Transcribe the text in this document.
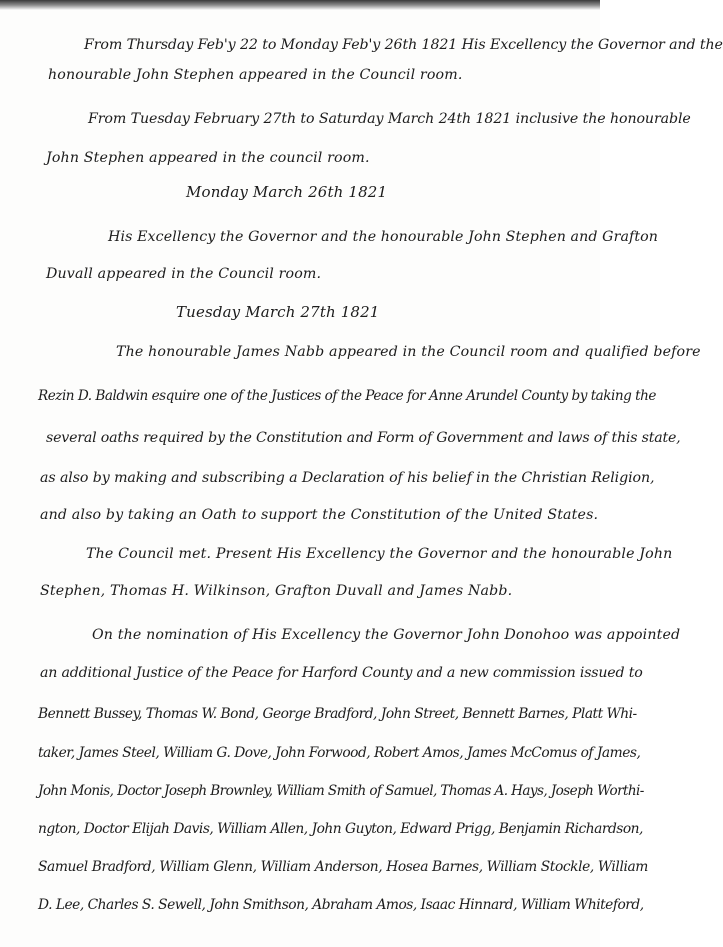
From Thursday Feb'y 22 to Monday Feb'y 26th 1821 His Excellency the Governor and the
honourable John Stephen appeared in the Council room.
From Tuesday February 27th to Saturday March 24th 1821 inclusive the honourable
John Stephen appeared in the council room.
Monday March 26th 1821
His Excellency the Governor and the honourable John Stephen and Grafton
Duvall appeared in the Council room.
Tuesday March 27th 1821
The honourable James Nabb appeared in the Council room and qualified before
Rezin D. Baldwin esquire one of the Justices of the Peace for Anne Arundel County by taking the
several oaths required by the Constitution and Form of Government and laws of this state,
as also by making and subscribing a Declaration of his belief in the Christian Religion,
and also by taking an Oath to support the Constitution of the United States.
The Council met. Present His Excellency the Governor and the honourable John
Stephen, Thomas H. Wilkinson, Grafton Duvall and James Nabb.
On the nomination of His Excellency the Governor John Donohoo was appointed
an additional Justice of the Peace for Harford County and a new commission issued to
Bennett Bussey, Thomas W. Bond, George Bradford, John Street, Bennett Barnes, Platt Whi-
taker, James Steel, William G. Dove, John Forwood, Robert Amos, James McComus of James,
John Monis, Doctor Joseph Brownley, William Smith of Samuel, Thomas A. Hays, Joseph Worthi-
ngton, Doctor Elijah Davis, William Allen, John Guyton, Edward Prigg, Benjamin Richardson,
Samuel Bradford, William Glenn, William Anderson, Hosea Barnes, William Stockle, William
D. Lee, Charles S. Sewell, John Smithson, Abraham Amos, Isaac Hinnard, William Whiteford,
